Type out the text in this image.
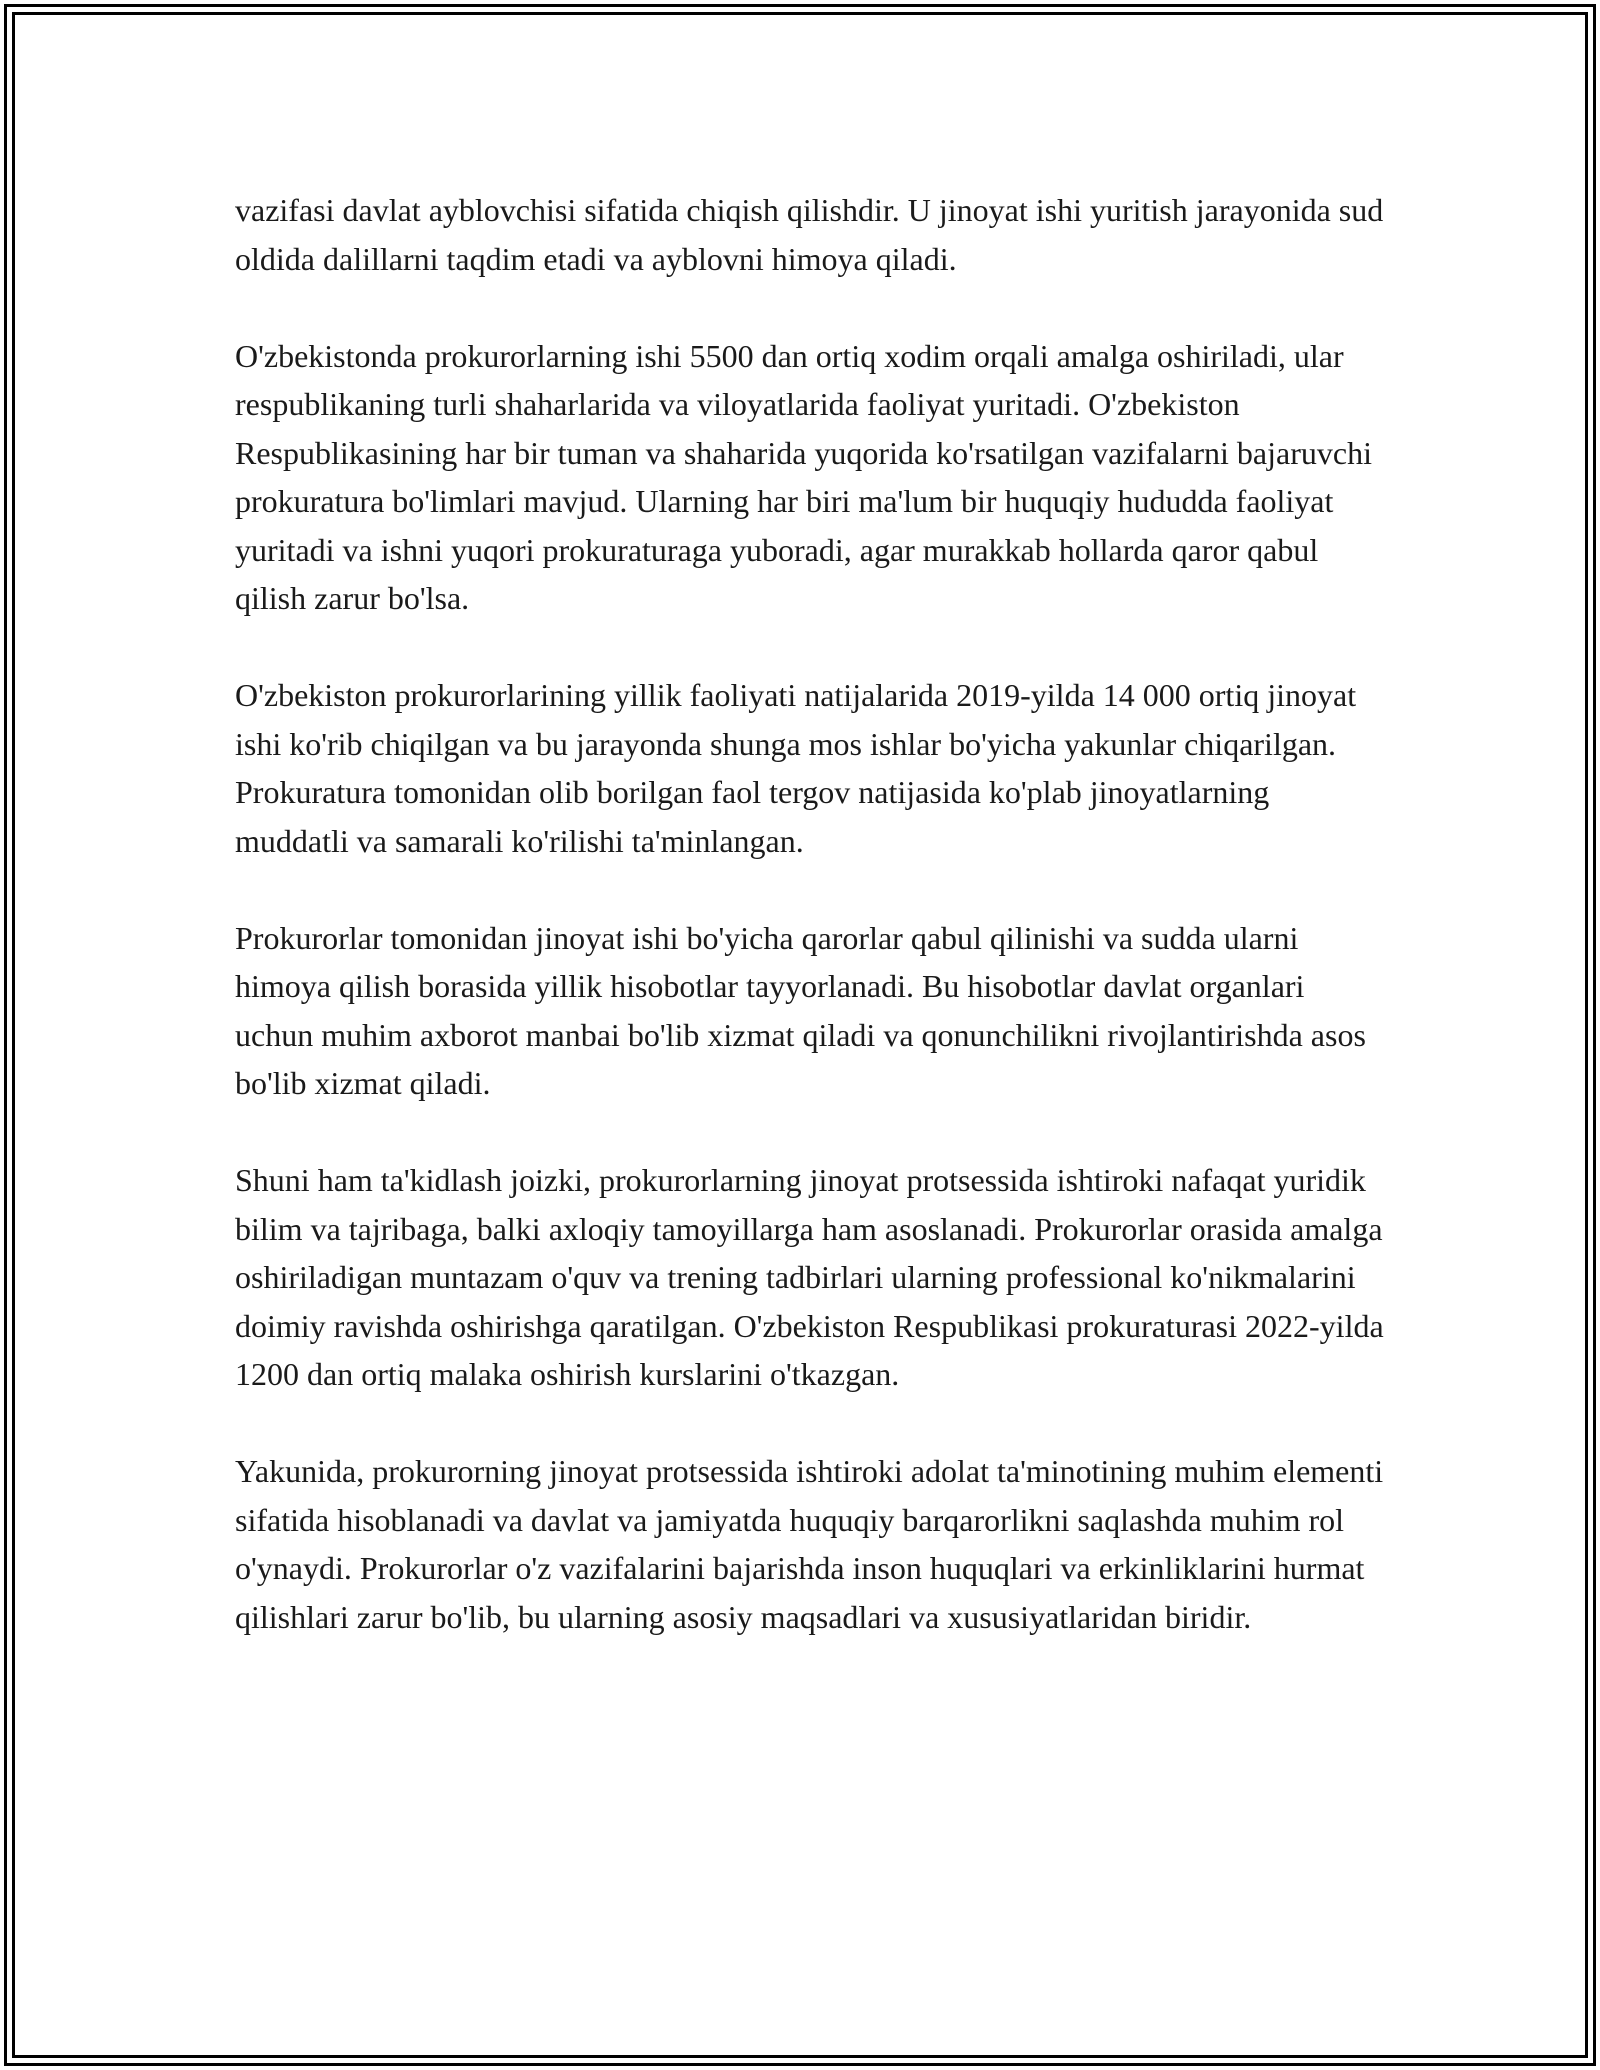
vazifasi davlat ayblovchisi sifatida chiqish qilishdir. U jinoyat ishi yuritish jarayonida sud oldida dalillarni taqdim etadi va ayblovni himoya qiladi.

O'zbekistonda prokurorlarning ishi 5500 dan ortiq xodim orqali amalga oshiriladi, ular respublikaning turli shaharlarida va viloyatlarida faoliyat yuritadi. O'zbekiston Respublikasining har bir tuman va shaharida yuqorida ko'rsatilgan vazifalarni bajaruvchi prokuratura bo'limlari mavjud. Ularning har biri ma'lum bir huquqiy hududda faoliyat yuritadi va ishni yuqori prokuraturaga yuboradi, agar murakkab hollarda qaror qabul qilish zarur bo'lsa.

O'zbekiston prokurorlarining yillik faoliyati natijalarida 2019-yilda 14 000 ortiq jinoyat ishi ko'rib chiqilgan va bu jarayonda shunga mos ishlar bo'yicha yakunlar chiqarilgan. Prokuratura tomonidan olib borilgan faol tergov natijasida ko'plab jinoyatlarning muddatli va samarali ko'rilishi ta'minlangan.

Prokurorlar tomonidan jinoyat ishi bo'yicha qarorlar qabul qilinishi va sudda ularni himoya qilish borasida yillik hisobotlar tayyorlanadi. Bu hisobotlar davlat organlari uchun muhim axborot manbai bo'lib xizmat qiladi va qonunchilikni rivojlantirishda asos bo'lib xizmat qiladi.

Shuni ham ta'kidlash joizki, prokurorlarning jinoyat protsessida ishtiroki nafaqat yuridik bilim va tajribaga, balki axloqiy tamoyillarga ham asoslanadi. Prokurorlar orasida amalga oshiriladigan muntazam o'quv va trening tadbirlari ularning professional ko'nikmalarini doimiy ravishda oshirishga qaratilgan. O'zbekiston Respublikasi prokuraturasi 2022-yilda 1200 dan ortiq malaka oshirish kurslarini o'tkazgan.

Yakunida, prokurorning jinoyat protsessida ishtiroki adolat ta'minotining muhim elementi sifatida hisoblanadi va davlat va jamiyatda huquqiy barqarorlikni saqlashda muhim rol o'ynaydi. Prokurorlar o'z vazifalarini bajarishda inson huquqlari va erkinliklarini hurmat qilishlari zarur bo'lib, bu ularning asosiy maqsadlari va xususiyatlaridan biridir.
